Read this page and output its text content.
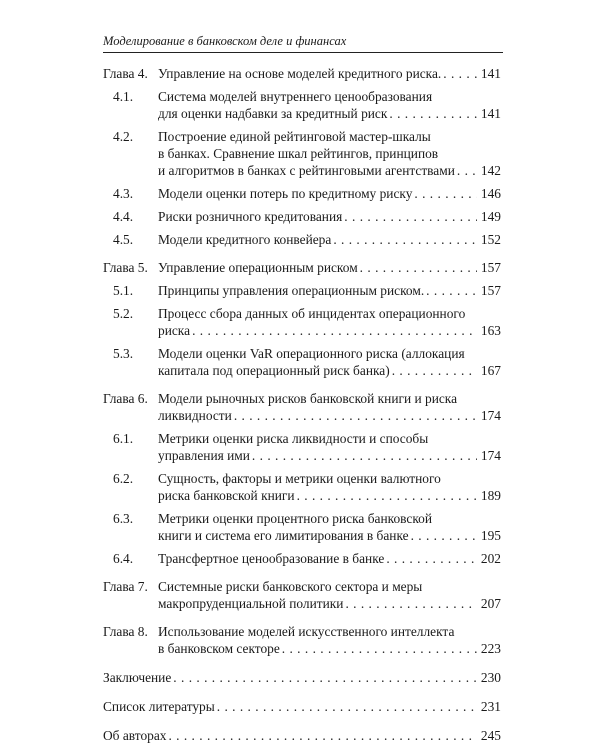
Моделирование в банковском деле и финансах
Глава 4. Управление на основе моделей кредитного риска. . . .	141
4.1. Система моделей внутреннего ценообразования
для оценки надбавки за кредитный риск . . .	141
4.2. Построение единой рейтинговой мастер-шкалы
в банках. Сравнение шкал рейтингов, принципов
и алгоритмов в банках с рейтинговыми агентствами . . . 142
4.3. Модели оценки потерь по кредитному риску . . .	146
4.4. Риски розничного кредитования . . .	149
4.5. Модели кредитного конвейера . . .	152
Глава 5. Управление операционным риском . . .	157
5.1. Принципы управления операционным риском. . . .	157
5.2. Процесс сбора данных об инцидентах операционного
риска . . .	163
5.3. Модели оценки VaR операционного риска (аллокация
капитала под операционный риск банка) . . .	167
Глава 6. Модели рыночных рисков банковской книги и риска
ликвидности . . .	174
6.1. Метрики оценки риска ликвидности и способы
управления ими . . .	174
6.2. Сущность, факторы и метрики оценки валютного
риска банковской книги . . .	189
6.3. Метрики оценки процентного риска банковской
книги и система его лимитирования в банке . . .	195
6.4. Трансфертное ценообразование в банке . . .	202
Глава 7. Системные риски банковского сектора и меры
макропруденциальной политики . . .	207
Глава 8. Использование моделей искусственного интеллекта
в банковском секторе . . .	223
Заключение . . .	230
Список литературы . . .	231
Об авторах . . .	245
